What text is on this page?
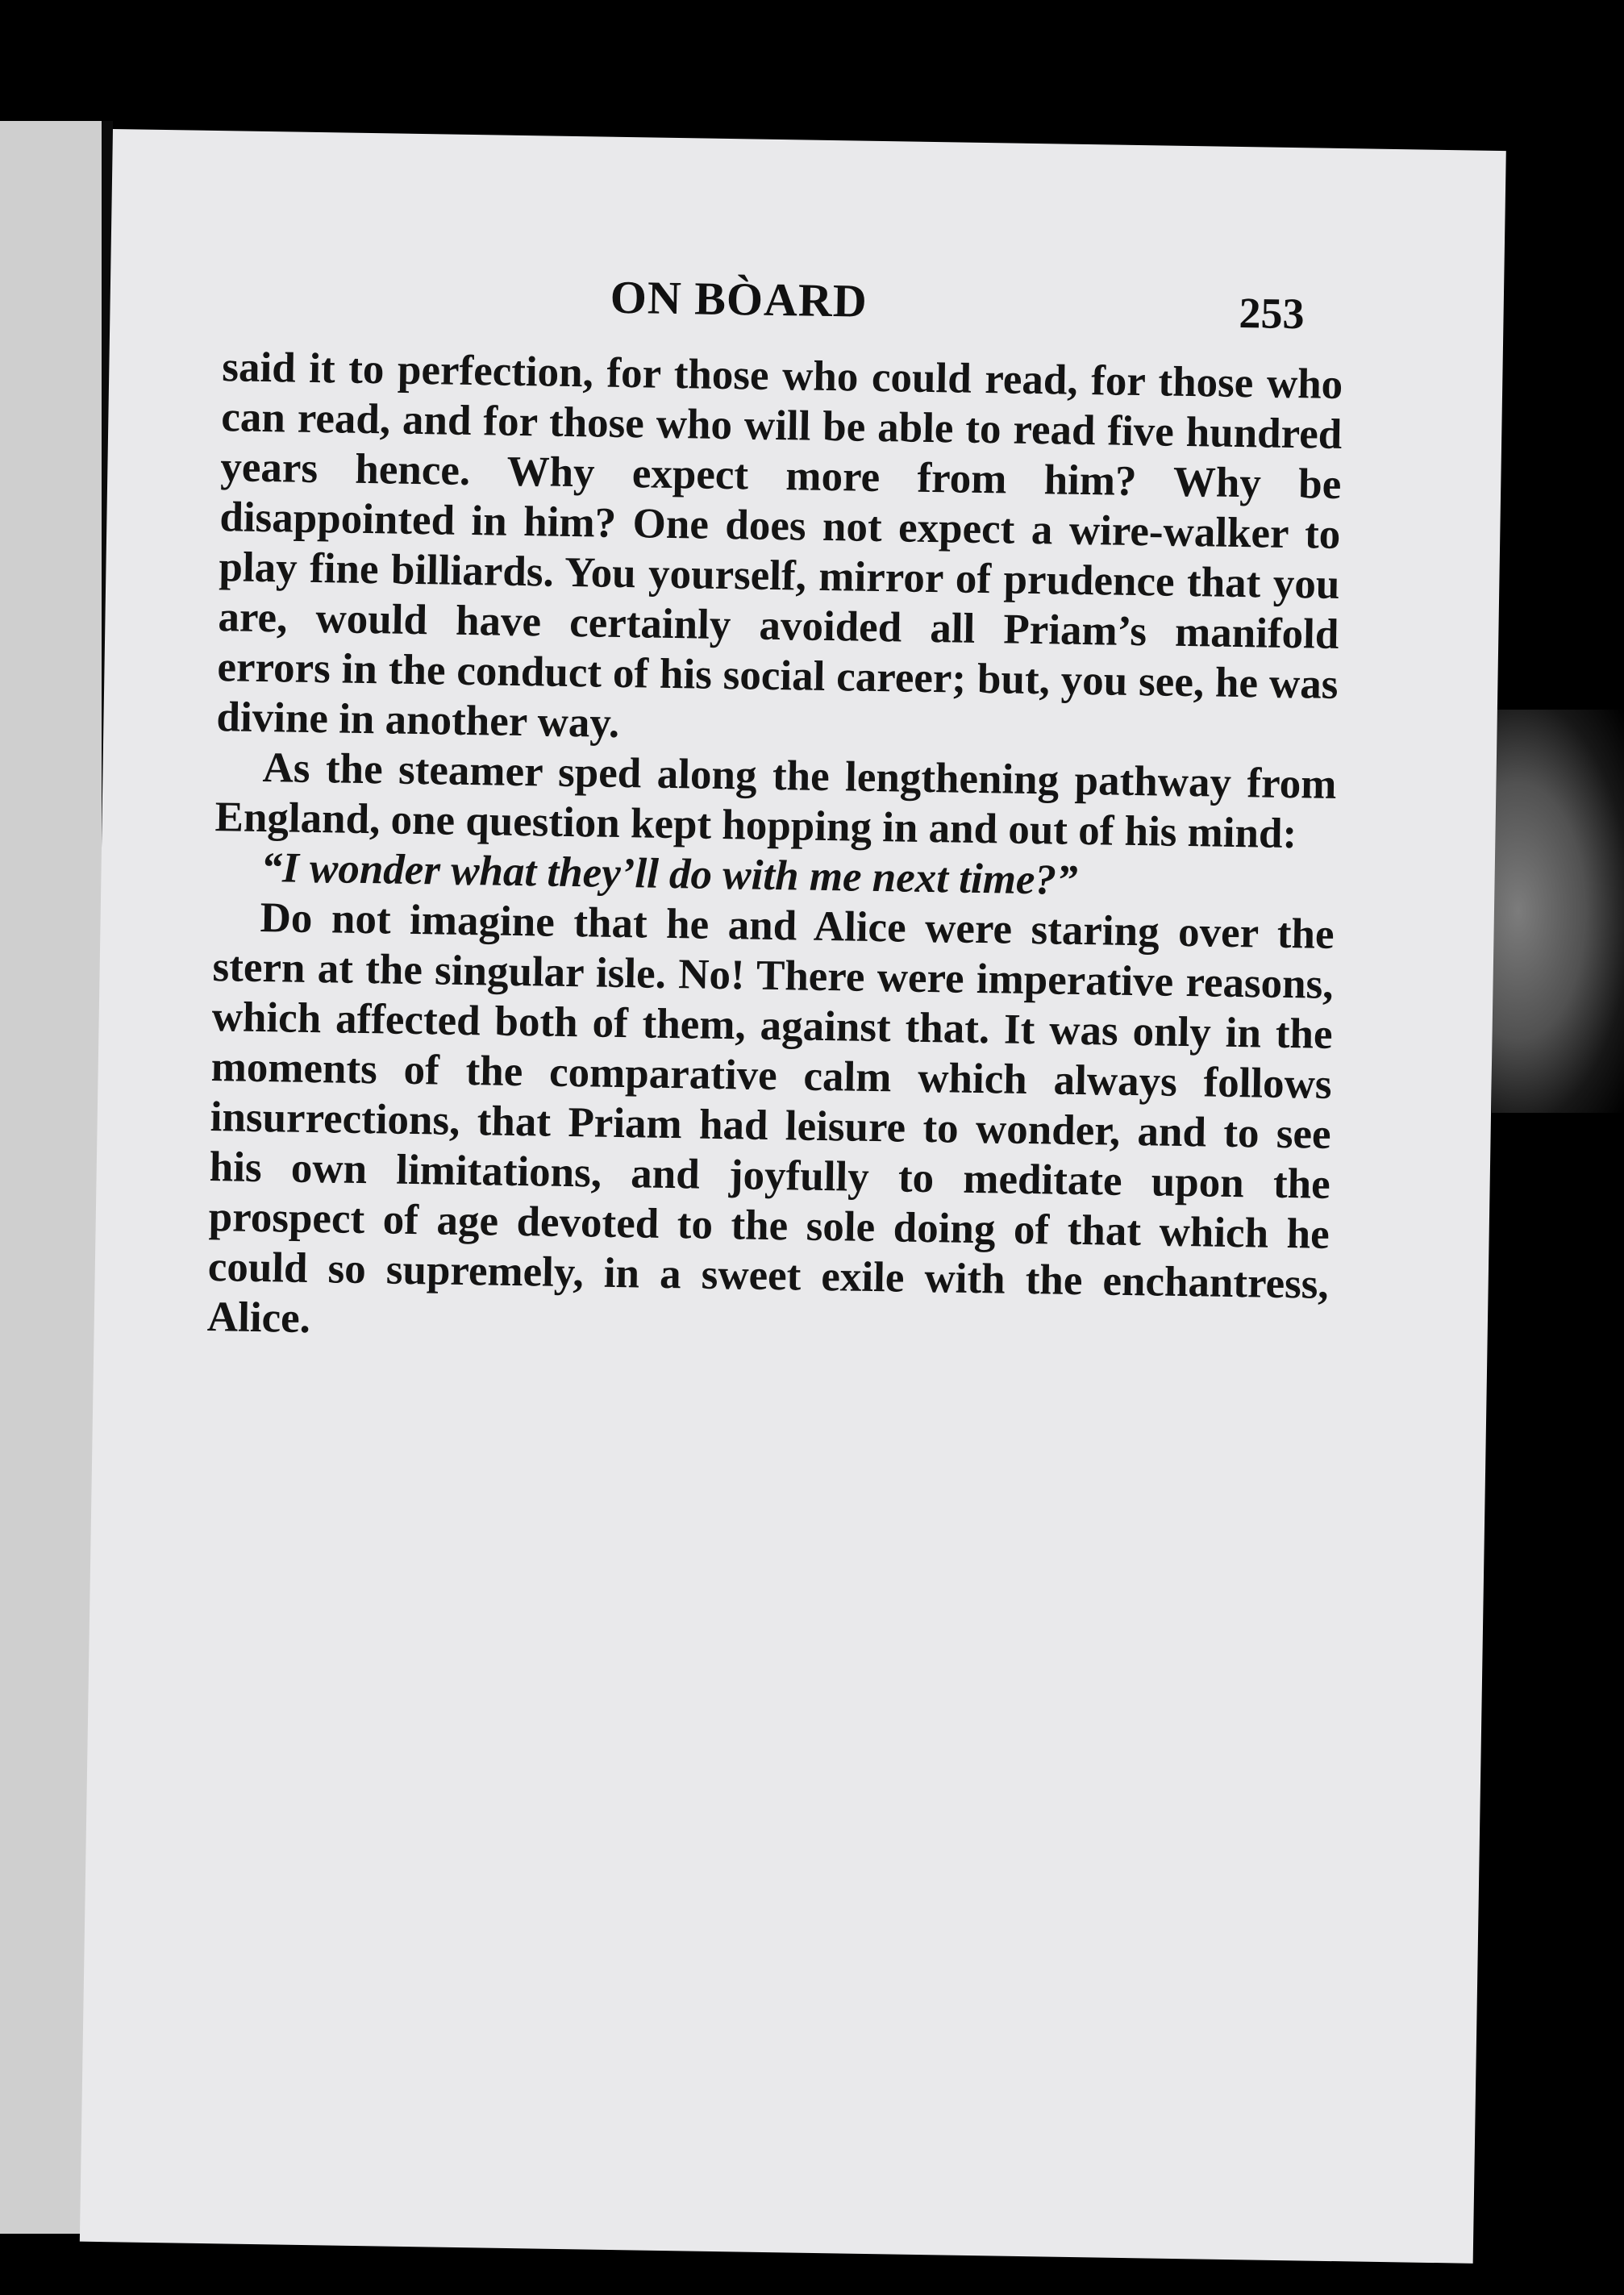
ON BÒARD	253

said it to perfection, for those who could read, for those who can read, and for those who will be able to read five hundred years hence. Why expect more from him? Why be disappointed in him? One does not expect a wire-walker to play fine billiards. You yourself, mirror of prudence that you are, would have certainly avoided all Priam’s manifold errors in the conduct of his social career; but, you see, he was divine in another way.

As the steamer sped along the lengthening pathway from England, one question kept hopping in and out of his mind:

“I wonder what they’ll do with me next time?”

Do not imagine that he and Alice were staring over the stern at the singular isle. No! There were imperative reasons, which affected both of them, against that. It was only in the moments of the comparative calm which always follows insurrections, that Priam had leisure to wonder, and to see his own limitations, and joyfully to meditate upon the prospect of age devoted to the sole doing of that which he could so supremely, in a sweet exile with the enchantress, Alice.
